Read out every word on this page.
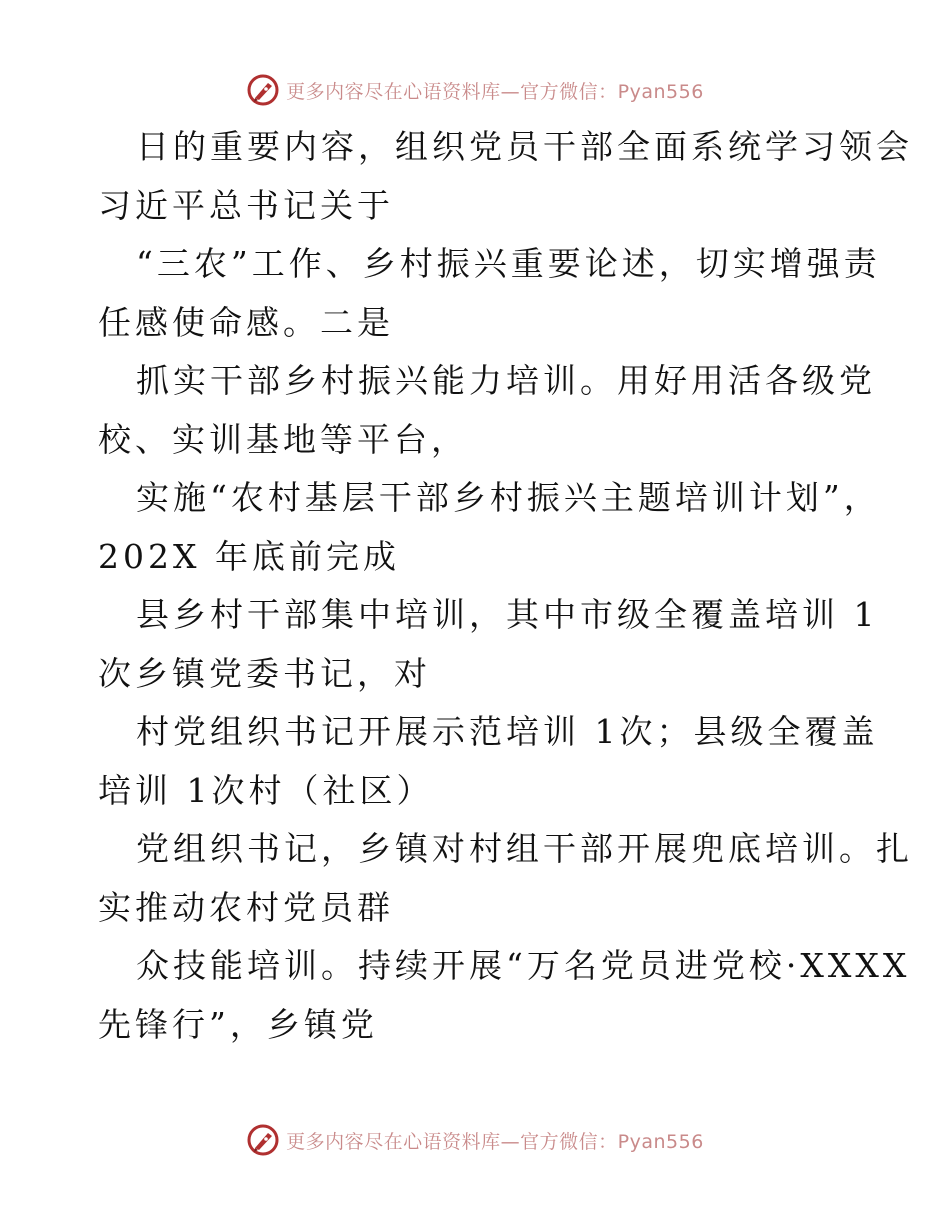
更多内容尽在心语资料库—官方微信：Pyan556
日的重要内容，组织党员干部全面系统学习领会
习近平总书记关于
“三农”工作、乡村振兴重要论述，切实增强责
任感使命感。二是
抓实干部乡村振兴能力培训。用好用活各级党
校、实训基地等平台，
实施“农村基层干部乡村振兴主题培训计划”，
202X 年底前完成
县乡村干部集中培训，其中市级全覆盖培训 1
次乡镇党委书记，对
村党组织书记开展示范培训 1次；县级全覆盖
培训 1次村（社区）
党组织书记，乡镇对村组干部开展兜底培训。扎
实推动农村党员群
众技能培训。持续开展“万名党员进党校·XXXX
先锋行”，乡镇党
更多内容尽在心语资料库—官方微信：Pyan556
